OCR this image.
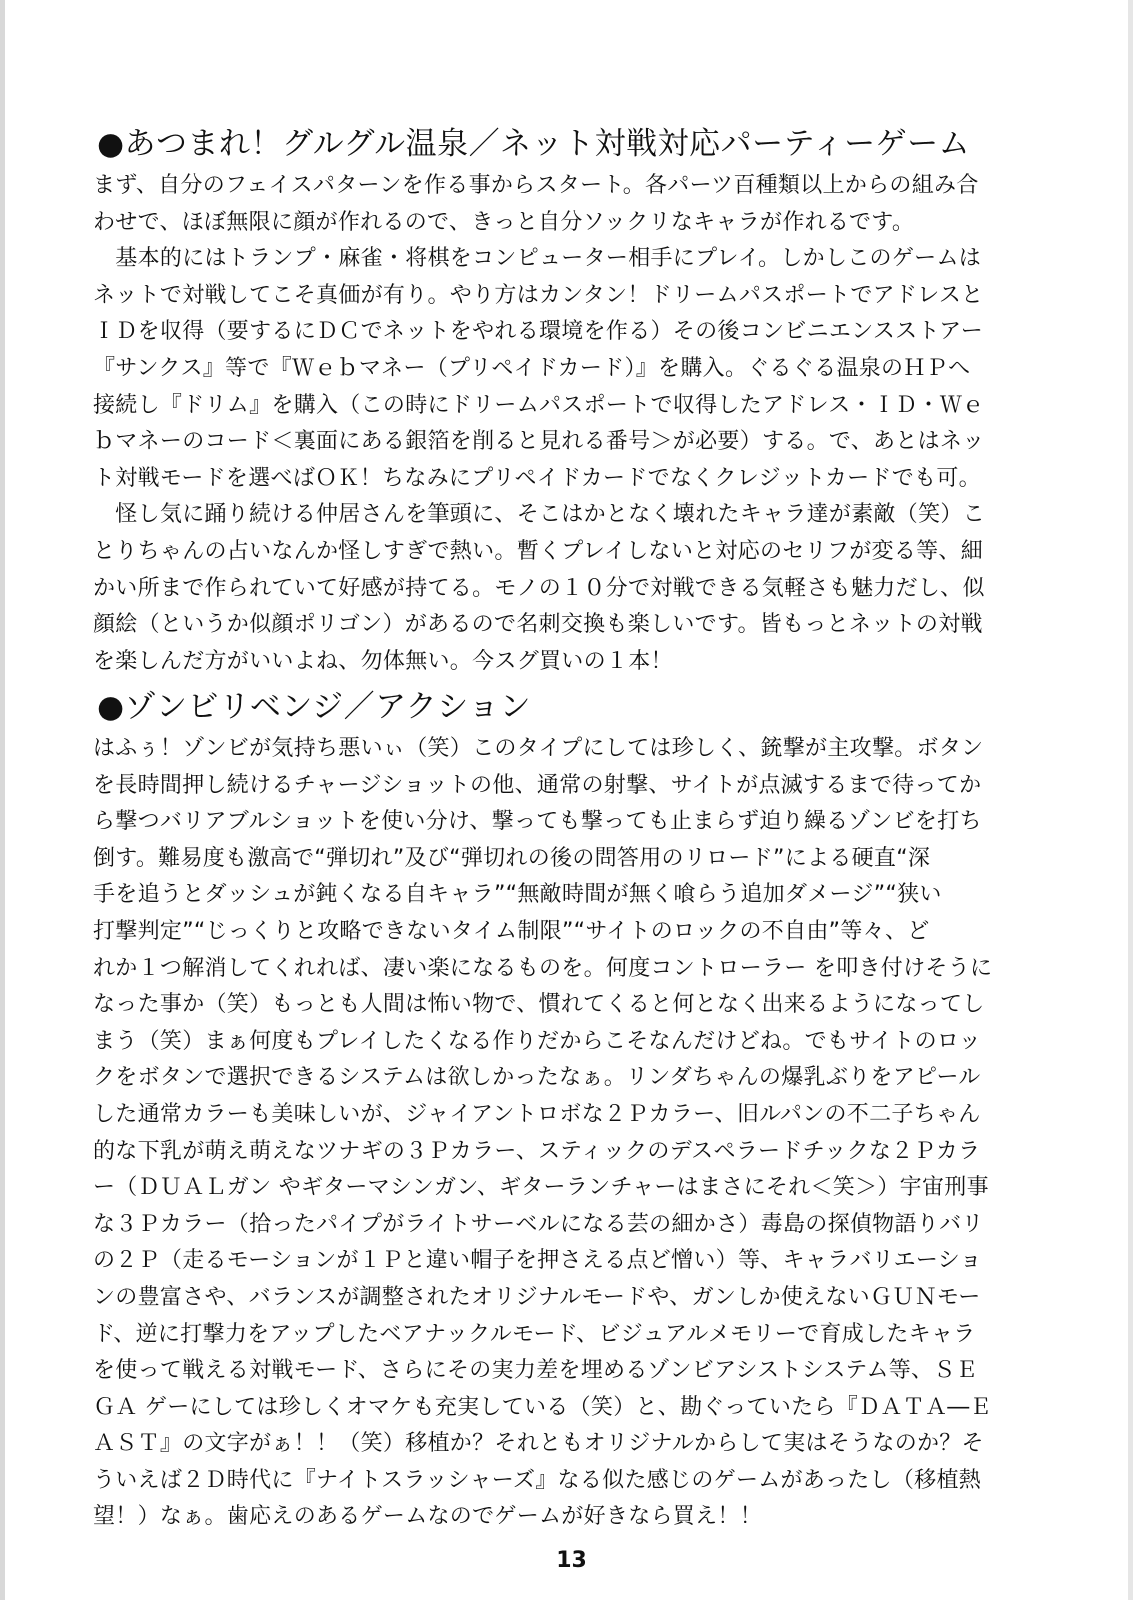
●あつまれ！グルグル温泉／ネット対戦対応パーティーゲーム
まず、自分のフェイスパターンを作る事からスタート。各パーツ百種類以上からの組み合
わせで、ほぼ無限に顔が作れるので、きっと自分ソックリなキャラが作れるです。
　基本的にはトランプ・麻雀・将棋をコンピューター相手にプレイ。しかしこのゲームは
ネットで対戦してこそ真価が有り。やり方はカンタン！ドリームパスポートでアドレスと
ＩＤを収得（要するにＤＣでネットをやれる環境を作る）その後コンビニエンスストアー
『サンクス』等で『Ｗｅｂマネー（プリペイドカード）』を購入。ぐるぐる温泉のＨＰへ
接続し『ドリム』を購入（この時にドリームパスポートで収得したアドレス・ＩＤ・Ｗｅ
ｂマネーのコード＜裏面にある銀箔を削ると見れる番号＞が必要）する。で、あとはネッ
ト対戦モードを選べばＯＫ！ちなみにプリペイドカードでなくクレジットカードでも可。
　怪し気に踊り続ける仲居さんを筆頭に、そこはかとなく壊れたキャラ達が素敵（笑）こ
とりちゃんの占いなんか怪しすぎで熱い。暫くプレイしないと対応のセリフが変る等、細
かい所まで作られていて好感が持てる。モノの１０分で対戦できる気軽さも魅力だし、似
顔絵（というか似顔ポリゴン）があるので名刺交換も楽しいです。皆もっとネットの対戦
を楽しんだ方がいいよね、勿体無い。今スグ買いの１本！
●ゾンビリベンジ／アクション
はふぅ！ゾンビが気持ち悪いぃ（笑）このタイプにしては珍しく、銃撃が主攻撃。ボタン
を長時間押し続けるチャージショットの他、通常の射撃、サイトが点滅するまで待ってか
ら撃つバリアブルショットを使い分け、撃っても撃っても止まらず迫り繰るゾンビを打ち
倒す。難易度も激高で“弾切れ”及び“弾切れの後の問答用のリロード”による硬直“深
手を追うとダッシュが鈍くなる自キャラ”“無敵時間が無く喰らう追加ダメージ”“狭い
打撃判定”“じっくりと攻略できないタイム制限”“サイトのロックの不自由”等々、ど
れか１つ解消してくれれば、凄い楽になるものを。何度コントローラー を叩き付けそうに
なった事か（笑）もっとも人間は怖い物で、慣れてくると何となく出来るようになってし
まう（笑）まぁ何度もプレイしたくなる作りだからこそなんだけどね。でもサイトのロッ
クをボタンで選択できるシステムは欲しかったなぁ。リンダちゃんの爆乳ぶりをアピール
した通常カラーも美味しいが、ジャイアントロボな２Ｐカラー、旧ルパンの不二子ちゃん
的な下乳が萌え萌えなツナギの３Ｐカラー、スティックのデスペラードチックな２Ｐカラ
ー（ＤＵＡＬガン やギターマシンガン、ギターランチャーはまさにそれ＜笑＞）宇宙刑事
な３Ｐカラー（拾ったパイプがライトサーベルになる芸の細かさ）毒島の探偵物語りバリ
の２Ｐ（走るモーションが１Ｐと違い帽子を押さえる点ど憎い）等、キャラバリエーショ
ンの豊富さや、バランスが調整されたオリジナルモードや、ガンしか使えないＧＵＮモー
ド、逆に打撃力をアップしたベアナックルモード、ビジュアルメモリーで育成したキャラ
を使って戦える対戦モード、さらにその実力差を埋めるゾンビアシストシステム等、ＳＥ
ＧＡ ゲーにしては珍しくオマケも充実している（笑）と、勘ぐっていたら『ＤＡＴＡ―Ｅ
ＡＳＴ』の文字がぁ！！（笑）移植か？それともオリジナルからして実はそうなのか？そ
ういえば２Ｄ時代に『ナイトスラッシャーズ』なる似た感じのゲームがあったし（移植熱
望！）なぁ。歯応えのあるゲームなのでゲームが好きなら買え！！
13
